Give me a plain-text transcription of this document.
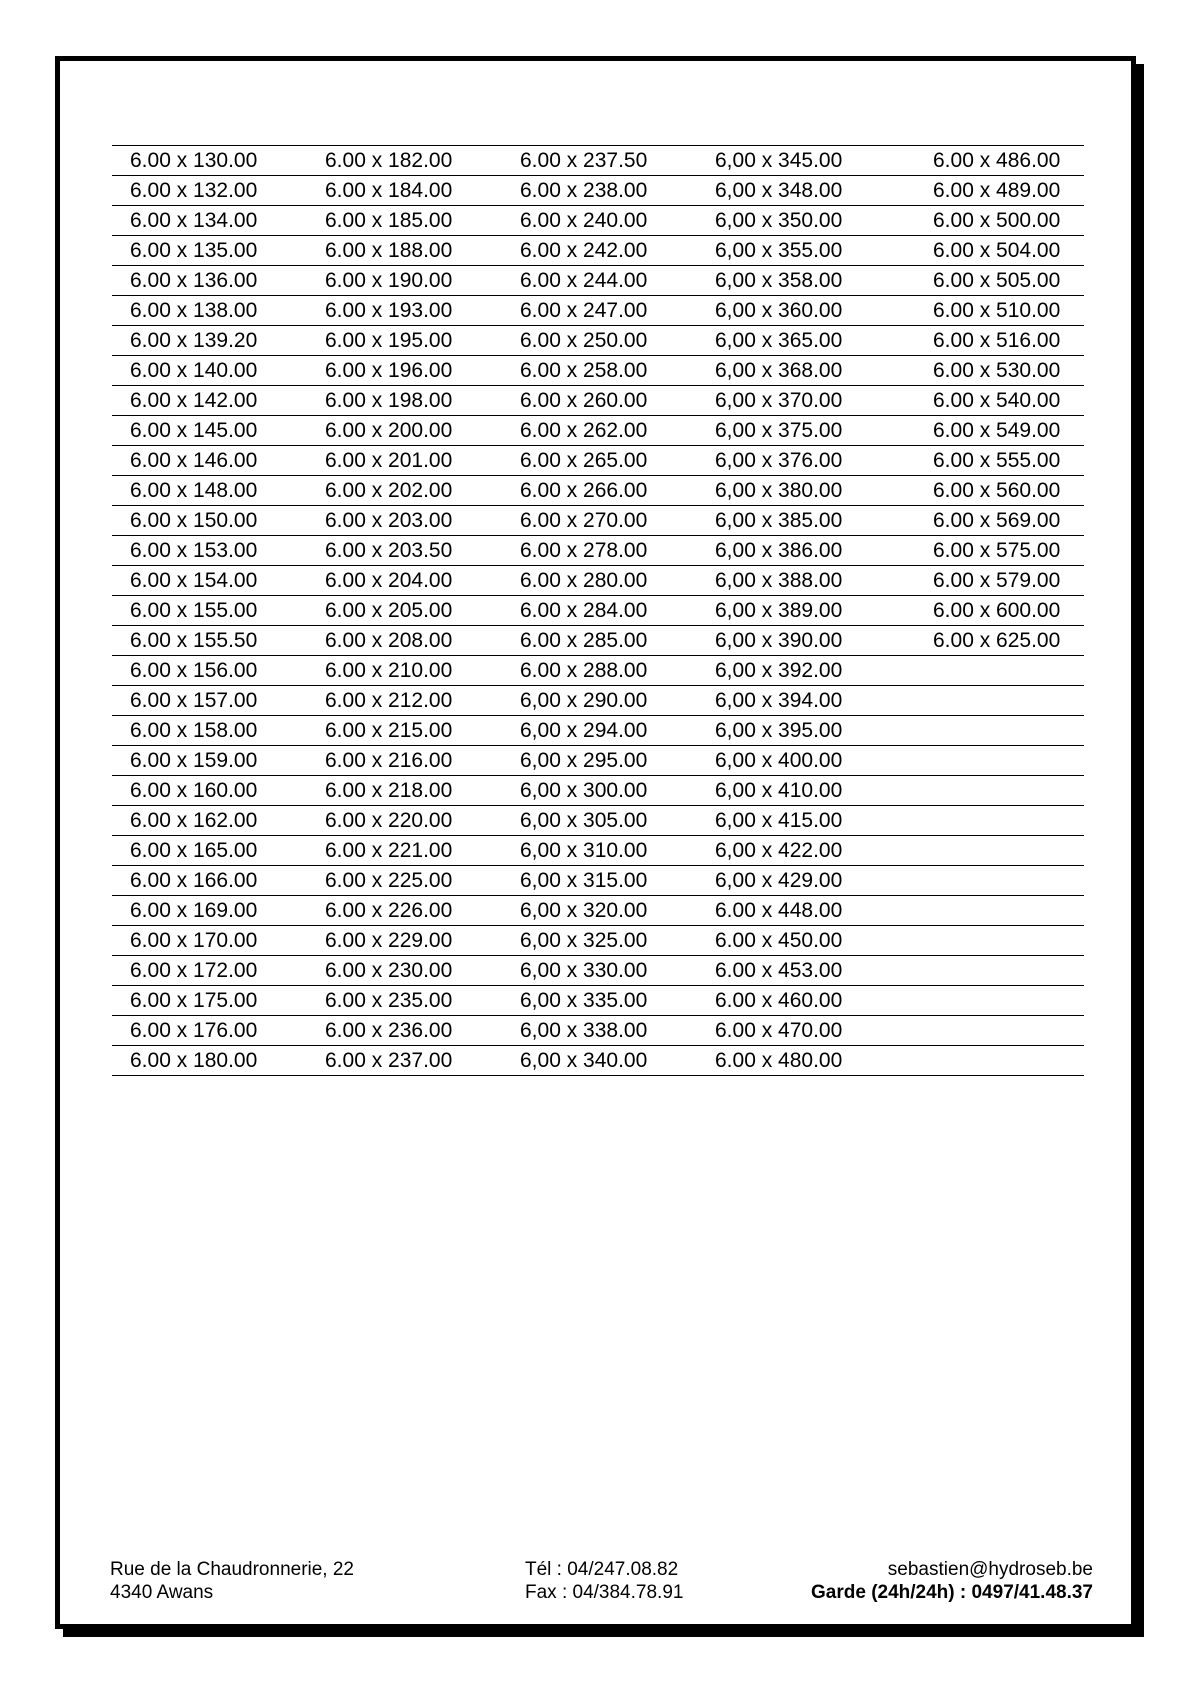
6.00 x 130.00	6.00 x 182.00	6.00 x 237.50	6,00 x 345.00	6.00 x 486.00
6.00 x 132.00	6.00 x 184.00	6.00 x 238.00	6,00 x 348.00	6.00 x 489.00
6.00 x 134.00	6.00 x 185.00	6.00 x 240.00	6,00 x 350.00	6.00 x 500.00
6.00 x 135.00	6.00 x 188.00	6.00 x 242.00	6,00 x 355.00	6.00 x 504.00
6.00 x 136.00	6.00 x 190.00	6.00 x 244.00	6,00 x 358.00	6.00 x 505.00
6.00 x 138.00	6.00 x 193.00	6.00 x 247.00	6,00 x 360.00	6.00 x 510.00
6.00 x 139.20	6.00 x 195.00	6.00 x 250.00	6,00 x 365.00	6.00 x 516.00
6.00 x 140.00	6.00 x 196.00	6.00 x 258.00	6,00 x 368.00	6.00 x 530.00
6.00 x 142.00	6.00 x 198.00	6.00 x 260.00	6,00 x 370.00	6.00 x 540.00
6.00 x 145.00	6.00 x 200.00	6.00 x 262.00	6,00 x 375.00	6.00 x 549.00
6.00 x 146.00	6.00 x 201.00	6.00 x 265.00	6,00 x 376.00	6.00 x 555.00
6.00 x 148.00	6.00 x 202.00	6.00 x 266.00	6,00 x 380.00	6.00 x 560.00
6.00 x 150.00	6.00 x 203.00	6.00 x 270.00	6,00 x 385.00	6.00 x 569.00
6.00 x 153.00	6.00 x 203.50	6.00 x 278.00	6,00 x 386.00	6.00 x 575.00
6.00 x 154.00	6.00 x 204.00	6.00 x 280.00	6,00 x 388.00	6.00 x 579.00
6.00 x 155.00	6.00 x 205.00	6.00 x 284.00	6,00 x 389.00	6.00 x 600.00
6.00 x 155.50	6.00 x 208.00	6.00 x 285.00	6,00 x 390.00	6.00 x 625.00
6.00 x 156.00	6.00 x 210.00	6.00 x 288.00	6,00 x 392.00	
6.00 x 157.00	6.00 x 212.00	6,00 x 290.00	6,00 x 394.00	
6.00 x 158.00	6.00 x 215.00	6,00 x 294.00	6,00 x 395.00	
6.00 x 159.00	6.00 x 216.00	6,00 x 295.00	6,00 x 400.00	
6.00 x 160.00	6.00 x 218.00	6,00 x 300.00	6,00 x 410.00	
6.00 x 162.00	6.00 x 220.00	6,00 x 305.00	6,00 x 415.00	
6.00 x 165.00	6.00 x 221.00	6,00 x 310.00	6,00 x 422.00	
6.00 x 166.00	6.00 x 225.00	6,00 x 315.00	6,00 x 429.00	
6.00 x 169.00	6.00 x 226.00	6,00 x 320.00	6.00 x 448.00	
6.00 x 170.00	6.00 x 229.00	6,00 x 325.00	6.00 x 450.00	
6.00 x 172.00	6.00 x 230.00	6,00 x 330.00	6.00 x 453.00	
6.00 x 175.00	6.00 x 235.00	6,00 x 335.00	6.00 x 460.00	
6.00 x 176.00	6.00 x 236.00	6,00 x 338.00	6.00 x 470.00	
6.00 x 180.00	6.00 x 237.00	6,00 x 340.00	6.00 x 480.00	
Rue de la Chaudronnerie, 22
4340 Awans
Tél : 04/247.08.82
Fax : 04/384.78.91
sebastien@hydroseb.be
Garde (24h/24h) : 0497/41.48.37
